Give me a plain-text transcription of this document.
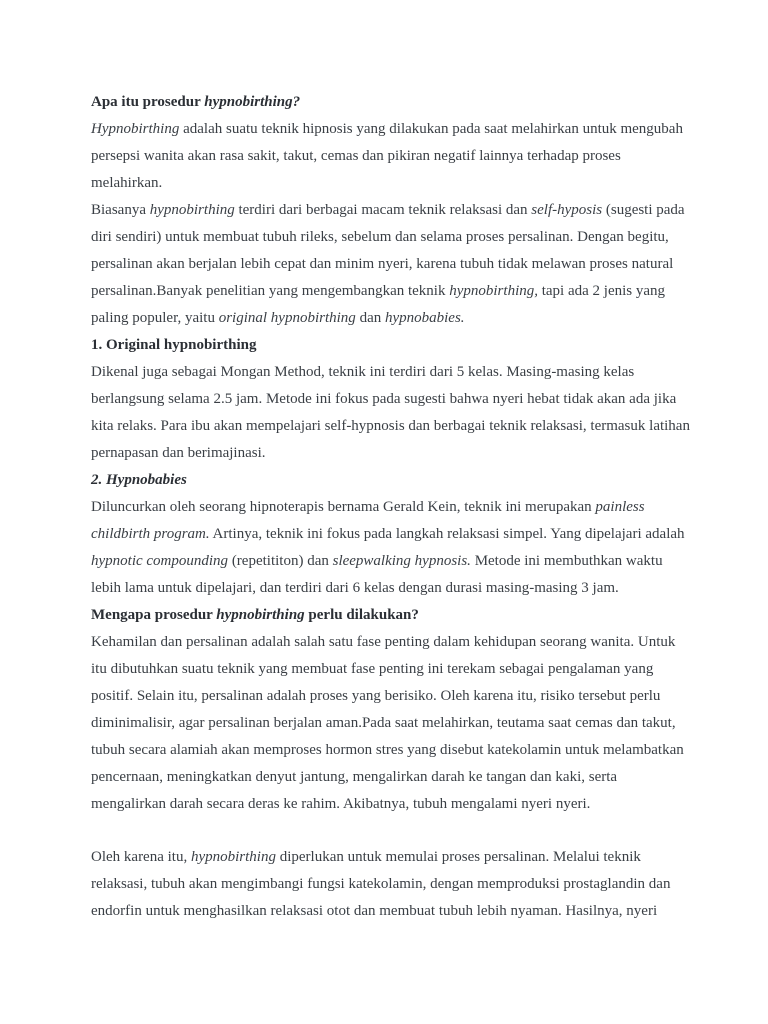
Apa itu prosedur hypnobirthing?

Hypnobirthing adalah suatu teknik hipnosis yang dilakukan pada saat melahirkan untuk mengubah persepsi wanita akan rasa sakit, takut, cemas dan pikiran negatif lainnya terhadap proses melahirkan.

Biasanya hypnobirthing terdiri dari berbagai macam teknik relaksasi dan self-hyposis (sugesti pada diri sendiri) untuk membuat tubuh rileks, sebelum dan selama proses persalinan. Dengan begitu, persalinan akan berjalan lebih cepat dan minim nyeri, karena tubuh tidak melawan proses natural persalinan.Banyak penelitian yang mengembangkan teknik hypnobirthing, tapi ada 2 jenis yang paling populer, yaitu original hypnobirthing dan hypnobabies.

1. Original hypnobirthing

Dikenal juga sebagai Mongan Method, teknik ini terdiri dari 5 kelas. Masing-masing kelas berlangsung selama 2.5 jam. Metode ini fokus pada sugesti bahwa nyeri hebat tidak akan ada jika kita relaks. Para ibu akan mempelajari self-hypnosis dan berbagai teknik relaksasi, termasuk latihan pernapasan dan berimajinasi.

2. Hypnobabies

Diluncurkan oleh seorang hipnoterapis bernama Gerald Kein, teknik ini merupakan painless childbirth program. Artinya, teknik ini fokus pada langkah relaksasi simpel. Yang dipelajari adalah hypnotic compounding (repetititon) dan sleepwalking hypnosis. Metode ini membuthkan waktu lebih lama untuk dipelajari, dan terdiri dari 6 kelas dengan durasi masing-masing 3 jam.

Mengapa prosedur hypnobirthing perlu dilakukan?

Kehamilan dan persalinan adalah salah satu fase penting dalam kehidupan seorang wanita. Untuk itu dibutuhkan suatu teknik yang membuat fase penting ini terekam sebagai pengalaman yang positif. Selain itu, persalinan adalah proses yang berisiko. Oleh karena itu, risiko tersebut perlu diminimalisir, agar persalinan berjalan aman.Pada saat melahirkan, teutama saat cemas dan takut, tubuh secara alamiah akan memproses hormon stres yang disebut katekolamin untuk melambatkan pencernaan, meningkatkan denyut jantung, mengalirkan darah ke tangan dan kaki, serta mengalirkan darah secara deras ke rahim. Akibatnya, tubuh mengalami nyeri nyeri.

Oleh karena itu, hypnobirthing diperlukan untuk memulai proses persalinan. Melalui teknik relaksasi, tubuh akan mengimbangi fungsi katekolamin, dengan memproduksi prostaglandin dan endorfin untuk menghasilkan relaksasi otot dan membuat tubuh lebih nyaman. Hasilnya, nyeri
